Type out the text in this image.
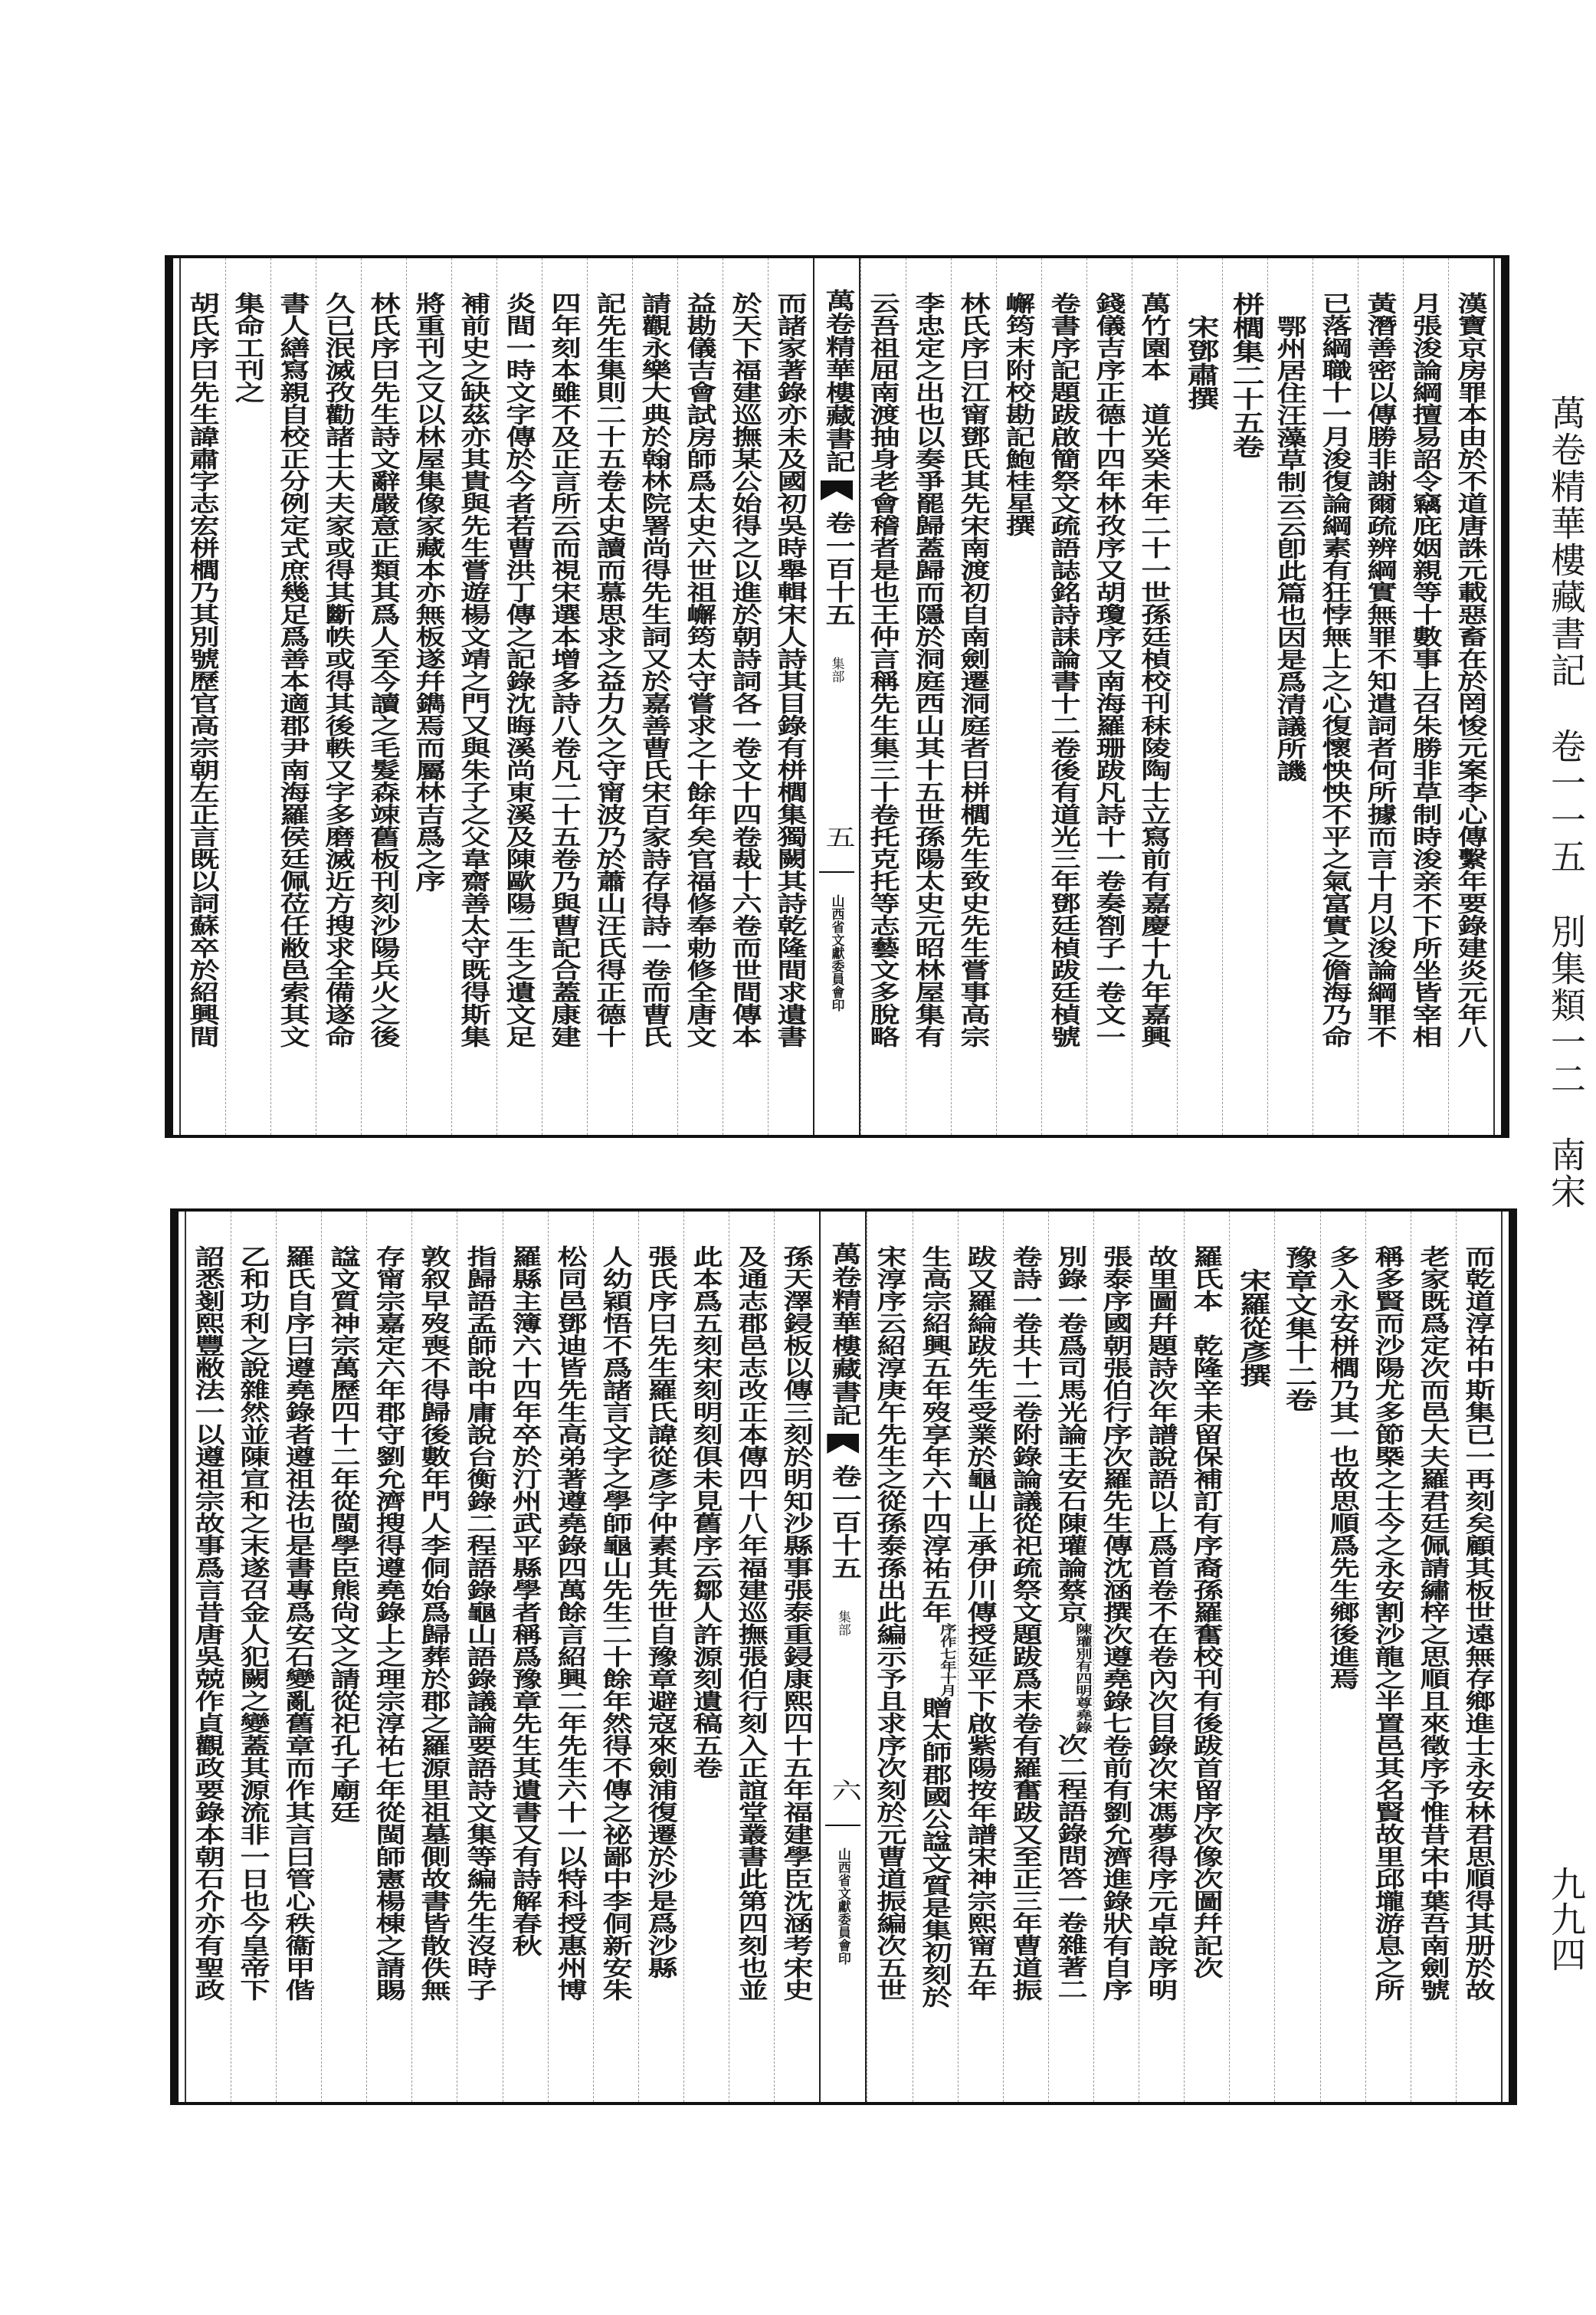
萬卷精華樓藏書記 卷一一五 別集類一二 南宋
九九四
漢寶京房罪本由於不道唐誅元載惡畜在於罔悛元案李心傳繫年要錄建炎元年八
月張浚論綱擅易詔令竊庇姻親等十數事上召朱勝非草制時浚亲不下所坐皆宰相
黃潛善密以傳勝非謝爾疏辨綱實無罪不知遣詞者何所據而言十月以浚論綱罪不
已落綱職十一月浚復論綱素有狂悖無上之心復懷怏怏不平之氣富實之儋海乃命
鄂州居住汪藻草制云云卽此篇也因是爲清議所譏
栟櫚集二十五卷
宋鄧肅撰
萬竹園本　道光癸未年二十一世孫廷楨校刊秣陵陶士立寫前有嘉慶十九年嘉興
錢儀吉序正德十四年林孜序又胡瓊序又南海羅珊跋凡詩十一卷奏劄子一卷文一
卷書序記題跋啟簡祭文疏語誌銘詩誄論書十二卷後有道光三年鄧廷楨跋廷楨號
嶰筠末附校勘記鮑桂星撰
林氏序曰江甯鄧氏其先宋南渡初自南劍遷洞庭者曰栟櫚先生致史先生嘗事高宗
李忠定之出也以奏爭罷歸蓋歸而隱於洞庭西山其十五世孫陽太史元昭林屋集有
云吾祖屈南渡抽身老會稽者是也王仲言稱先生集三十卷托克托等志藝文多脫略
萬卷精華樓藏書記
卷一百十五
集部
五
山西省文獻委員會印
而諸家著錄亦未及國初吳時舉輯宋人詩其目錄有栟櫚集獨闕其詩乾隆間求遺書
於天下福建巡撫某公始得之以進於朝詩詞各一卷文十四卷裁十六卷而世間傳本
益勘儀吉會試房師爲太史六世祖嶰筠太守嘗求之十餘年矣官福修奉勅修全唐文
請觀永樂大典於翰林院署尚得先生詞又於嘉善曹氏宋百家詩存得詩一卷而曹氏
記先生集則二十五卷太史讀而慕思求之益力久之守甯波乃於蕭山汪氏得正德十
四年刻本雖不及正言所云而視宋選本增多詩八卷凡二十五卷乃與曹記合蓋康建
炎間一時文字傳於今者若曹洪丁傳之記錄沈晦溪尚東溪及陳歐陽二生之遺文足
補前史之缺茲亦其貴與先生嘗遊楊文靖之門又與朱子之父韋齋善太守既得斯集
將重刊之又以林屋集像家藏本亦無板遂幷鐫焉而屬林吉爲之序
林氏序曰先生詩文辭嚴意正類其爲人至今讀之毛髮森竦舊板刊刻沙陽兵火之後
久已泯滅孜勸諸士大夫家或得其斷帙或得其後軼又字多磨滅近方搜求全備遂命
書人繕寫親自校正分例定式庶幾足爲善本適郡尹南海羅侯廷佩莅任敝邑索其文
集命工刊之
胡氏序曰先生諱肅字志宏栟櫚乃其別號歷官高宗朝左正言既以詞蘇卒於紹興間
而乾道淳祐中斯集已一再刻矣顧其板世遠無存鄉進士永安林君思順得其册於故
老家既爲定次而邑大夫羅君廷佩請繡梓之思順且來徵序予惟昔宋中葉吾南劍號
稱多賢而沙陽尤多節槩之士今之永安割沙龍之半置邑其名賢故里邱壠游息之所
多入永安栟櫚乃其一也故思順爲先生鄉後進焉
豫章文集十二卷
宋羅從彥撰
羅氏本　乾隆辛未留保補訂有序裔孫羅奮校刊有後跋首留序次像次圖幷記次
故里圖幷題詩次年譜說語以上爲首卷不在卷內次目錄次宋馮夢得序元卓說序明
張泰序國朝張伯行序次羅先生傳沈涵撰次遵堯錄七卷前有劉允濟進錄狀有自序
別錄一卷爲司馬光論王安石陳瓘論蔡京
陳瓘別有四
明尊堯錄
次二程語錄問答一卷雜著二
卷詩一卷共十二卷附錄論議從祀疏祭文題跋爲末卷有羅奮跋又至正三年曹道振
跋又羅綸跋先生受業於龜山上承伊川傳授延平下啟紫陽按年譜宋神宗熙甯五年
生高宗紹興五年歿享年六十四淳祐五年
序作七
年十月
贈太師郡國公諡文質是集初刻於
宋淳序云紹淳庚午先生之從孫泰孫出此編示予且求序次刻於元曹道振編次五世
萬卷精華樓藏書記
卷一百十五
集部
六
山西省文獻委員會印
孫天澤鋟板以傳三刻於明知沙縣事張泰重鋟康熙四十五年福建學臣沈涵考宋史
及通志郡邑志改正本傳四十八年福建巡撫張伯行刻入正誼堂叢書此第四刻也並
此本爲五刻宋刻明刻俱未見舊序云鄒人許源刻遺稿五卷
張氏序曰先生羅氏諱從彥字仲素其先世自豫章避寇來劍浦復遷於沙是爲沙縣
人幼穎悟不爲諸言文字之學師龜山先生二十餘年然得不傳之祕鄙中李侗新安朱
松同邑鄧迪皆先生高弟著遵堯錄四萬餘言紹興二年先生六十一以特科授惠州博
羅縣主簿六十四年卒於汀州武平縣學者稱爲豫章先生其遺書又有詩解春秋
指歸語孟師說中庸說台衡錄二程語錄龜山語錄議論要語詩文集等編先生沒時子
敦叙早歿喪不得歸後數年門人李侗始爲歸葬於郡之羅源里祖墓側故書皆散佚無
存甯宗嘉定六年郡守劉允濟搜得遵堯錄上之理宗淳祐七年從閩師憲楊棟之請賜
諡文質神宗萬歷四十二年從閩學臣熊尙文之請從祀孔子廟廷
羅氏自序曰遵堯錄者遵祖法也是書專爲安石變亂舊章而作其言曰管心秩衞甲偕
乙和功利之說雜然並陳宣和之末遂召金人犯闕之變蓋其源流非一日也今皇帝下
詔悉剗熙豐敝法一以遵祖宗故事爲言昔唐吳兢作貞觀政要錄本朝石介亦有聖政
